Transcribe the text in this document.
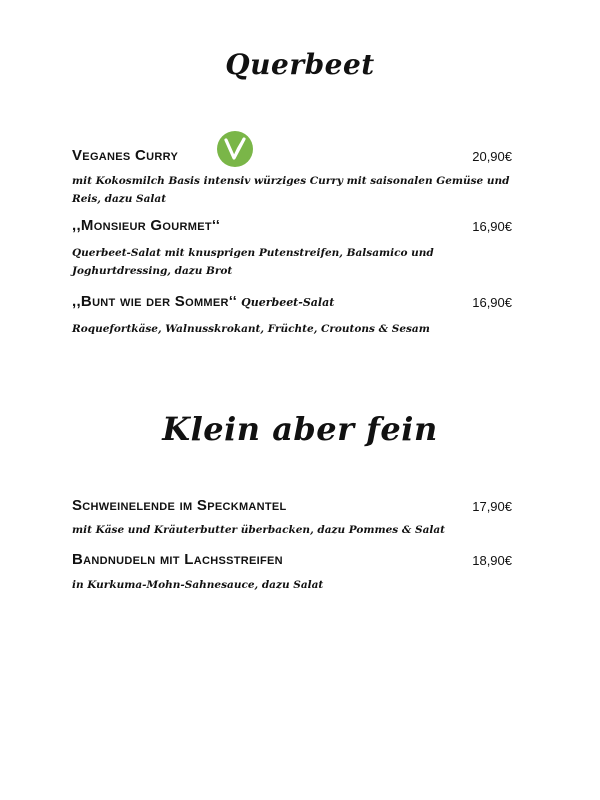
Querbeet
Veganes Curry	20,90€
mit Kokosmilch Basis intensiv würziges Curry mit saisonalen Gemüse und Reis, dazu Salat
,,Monsieur Gourmet‘‘	16,90€
Querbeet-Salat mit knusprigen Putenstreifen, Balsamico und Joghurtdressing, dazu Brot
,,Bunt wie der Sommer‘‘ Querbeet-Salat	16,90€
Roquefortkäse, Walnusskrokant, Früchte, Croutons & Sesam
Klein aber fein
Schweinelende im Speckmantel	17,90€
mit Käse und Kräuterbutter überbacken, dazu Pommes & Salat
Bandnudeln mit Lachsstreifen	18,90€
in Kurkuma-Mohn-Sahnesauce, dazu Salat
